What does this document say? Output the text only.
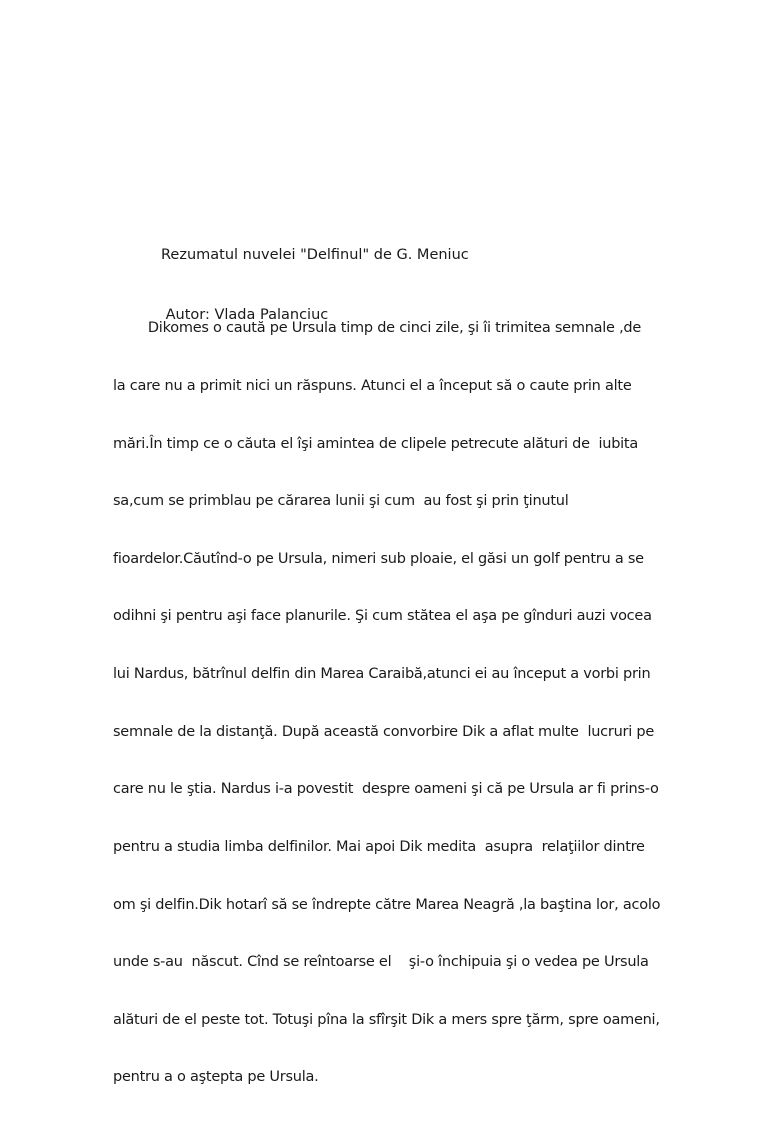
Rezumatul nuvelei "Delfinul" de G. Meniuc

Autor: Vlada Palanciuc

Dikomes o caută pe Ursula timp de cinci zile, şi îi trimitea semnale ,de

la care nu a primit nici un răspuns. Atunci el a început să o caute prin alte

mări.În timp ce o căuta el îşi amintea de clipele petrecute alături de  iubita

sa,cum se primblau pe cărarea lunii şi cum  au fost şi prin ţinutul

fioardelor.Căutînd-o pe Ursula, nimeri sub ploaie, el găsi un golf pentru a se

odihni şi pentru aşi face planurile. Şi cum stătea el aşa pe gînduri auzi vocea

lui Nardus, bătrînul delfin din Marea Caraibă,atunci ei au început a vorbi prin

semnale de la distanţă. După această convorbire Dik a aflat multe  lucruri pe

care nu le ştia. Nardus i-a povestit  despre oameni şi că pe Ursula ar fi prins-o

pentru a studia limba delfinilor. Mai apoi Dik medita  asupra  relaţiilor dintre

om şi delfin.Dik hotarî să se îndrepte către Marea Neagră ,la baştina lor, acolo

unde s-au  născut. Cînd se reîntoarse el    şi-o închipuia şi o vedea pe Ursula

alături de el peste tot. Totuşi pîna la sfîrşit Dik a mers spre ţărm, spre oameni,

pentru a o aştepta pe Ursula.
